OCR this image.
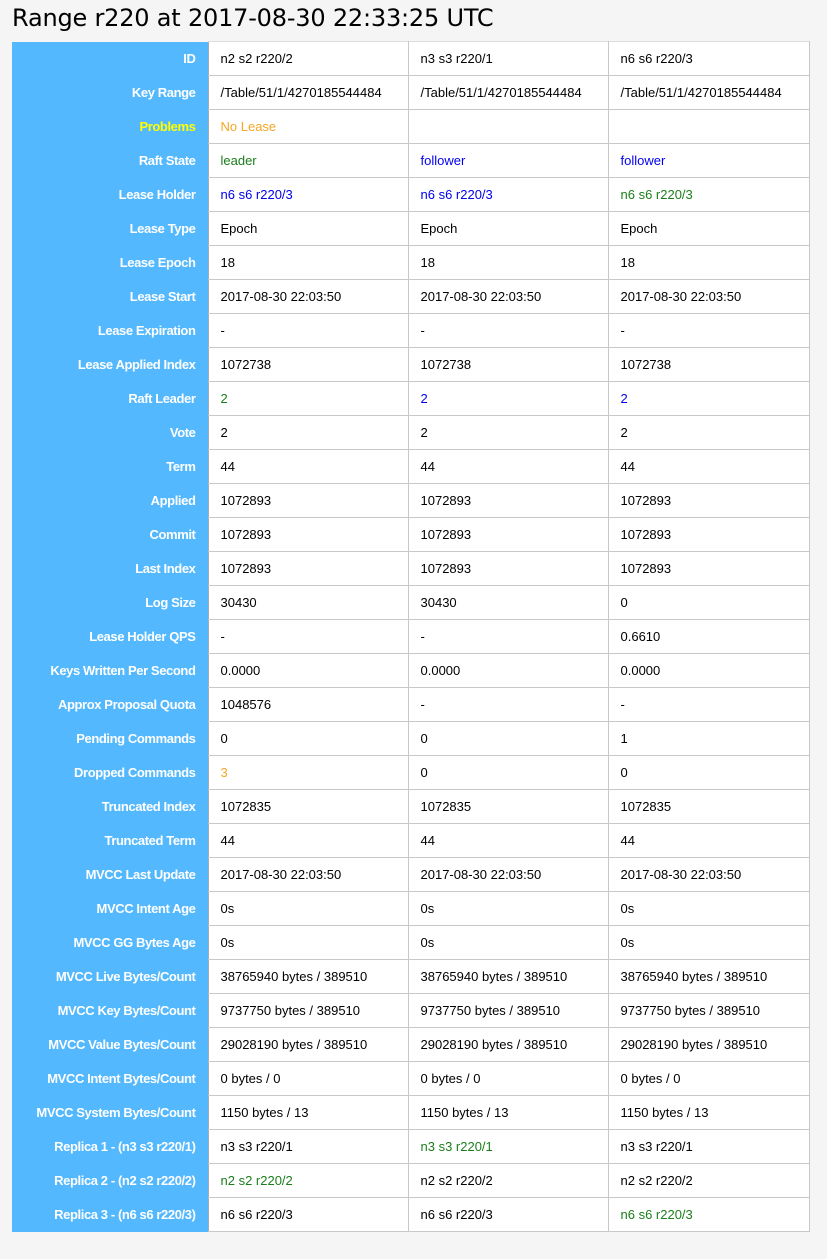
Range r220 at 2017-08-30 22:33:25 UTC
ID	n2 s2 r220/2	n3 s3 r220/1	n6 s6 r220/3
Key Range	/Table/51/1/4270185544484	/Table/51/1/4270185544484	/Table/51/1/4270185544484
Problems	No Lease		
Raft State	leader	follower	follower
Lease Holder	n6 s6 r220/3	n6 s6 r220/3	n6 s6 r220/3
Lease Type	Epoch	Epoch	Epoch
Lease Epoch	18	18	18
Lease Start	2017-08-30 22:03:50	2017-08-30 22:03:50	2017-08-30 22:03:50
Lease Expiration	-	-	-
Lease Applied Index	1072738	1072738	1072738
Raft Leader	2	2	2
Vote	2	2	2
Term	44	44	44
Applied	1072893	1072893	1072893
Commit	1072893	1072893	1072893
Last Index	1072893	1072893	1072893
Log Size	30430	30430	0
Lease Holder QPS	-	-	0.6610
Keys Written Per Second	0.0000	0.0000	0.0000
Approx Proposal Quota	1048576	-	-
Pending Commands	0	0	1
Dropped Commands	3	0	0
Truncated Index	1072835	1072835	1072835
Truncated Term	44	44	44
MVCC Last Update	2017-08-30 22:03:50	2017-08-30 22:03:50	2017-08-30 22:03:50
MVCC Intent Age	0s	0s	0s
MVCC GG Bytes Age	0s	0s	0s
MVCC Live Bytes/Count	38765940 bytes / 389510	38765940 bytes / 389510	38765940 bytes / 389510
MVCC Key Bytes/Count	9737750 bytes / 389510	9737750 bytes / 389510	9737750 bytes / 389510
MVCC Value Bytes/Count	29028190 bytes / 389510	29028190 bytes / 389510	29028190 bytes / 389510
MVCC Intent Bytes/Count	0 bytes / 0	0 bytes / 0	0 bytes / 0
MVCC System Bytes/Count	1150 bytes / 13	1150 bytes / 13	1150 bytes / 13
Replica 1 - (n3 s3 r220/1)	n3 s3 r220/1	n3 s3 r220/1	n3 s3 r220/1
Replica 2 - (n2 s2 r220/2)	n2 s2 r220/2	n2 s2 r220/2	n2 s2 r220/2
Replica 3 - (n6 s6 r220/3)	n6 s6 r220/3	n6 s6 r220/3	n6 s6 r220/3
